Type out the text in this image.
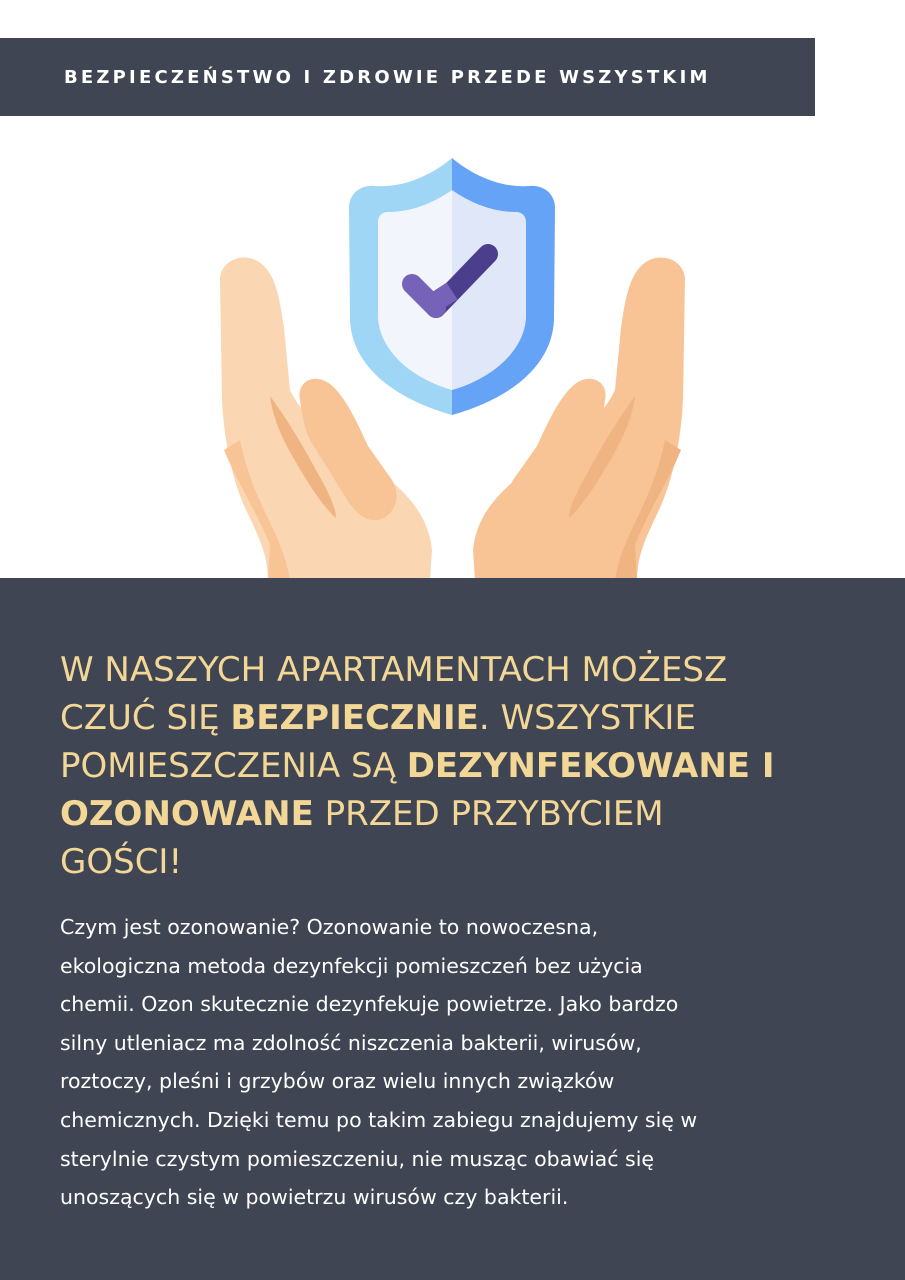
BEZPIECZEŃSTWO I ZDROWIE PRZEDE WSZYSTKIM
W NASZYCH APARTAMENTACH MOŻESZ
CZUĆ SIĘ BEZPIECZNIE. WSZYSTKIE
POMIESZCZENIA SĄ DEZYNFEKOWANE I
OZONOWANE PRZED PRZYBYCIEM
GOŚCI!

Czym jest ozonowanie? Ozonowanie to nowoczesna,
ekologiczna metoda dezynfekcji pomieszczeń bez użycia
chemii. Ozon skutecznie dezynfekuje powietrze. Jako bardzo
silny utleniacz ma zdolność niszczenia bakterii, wirusów,
roztoczy, pleśni i grzybów oraz wielu innych związków
chemicznych. Dzięki temu po takim zabiegu znajdujemy się w
sterylnie czystym pomieszczeniu, nie musząc obawiać się
unoszących się w powietrzu wirusów czy bakterii.
